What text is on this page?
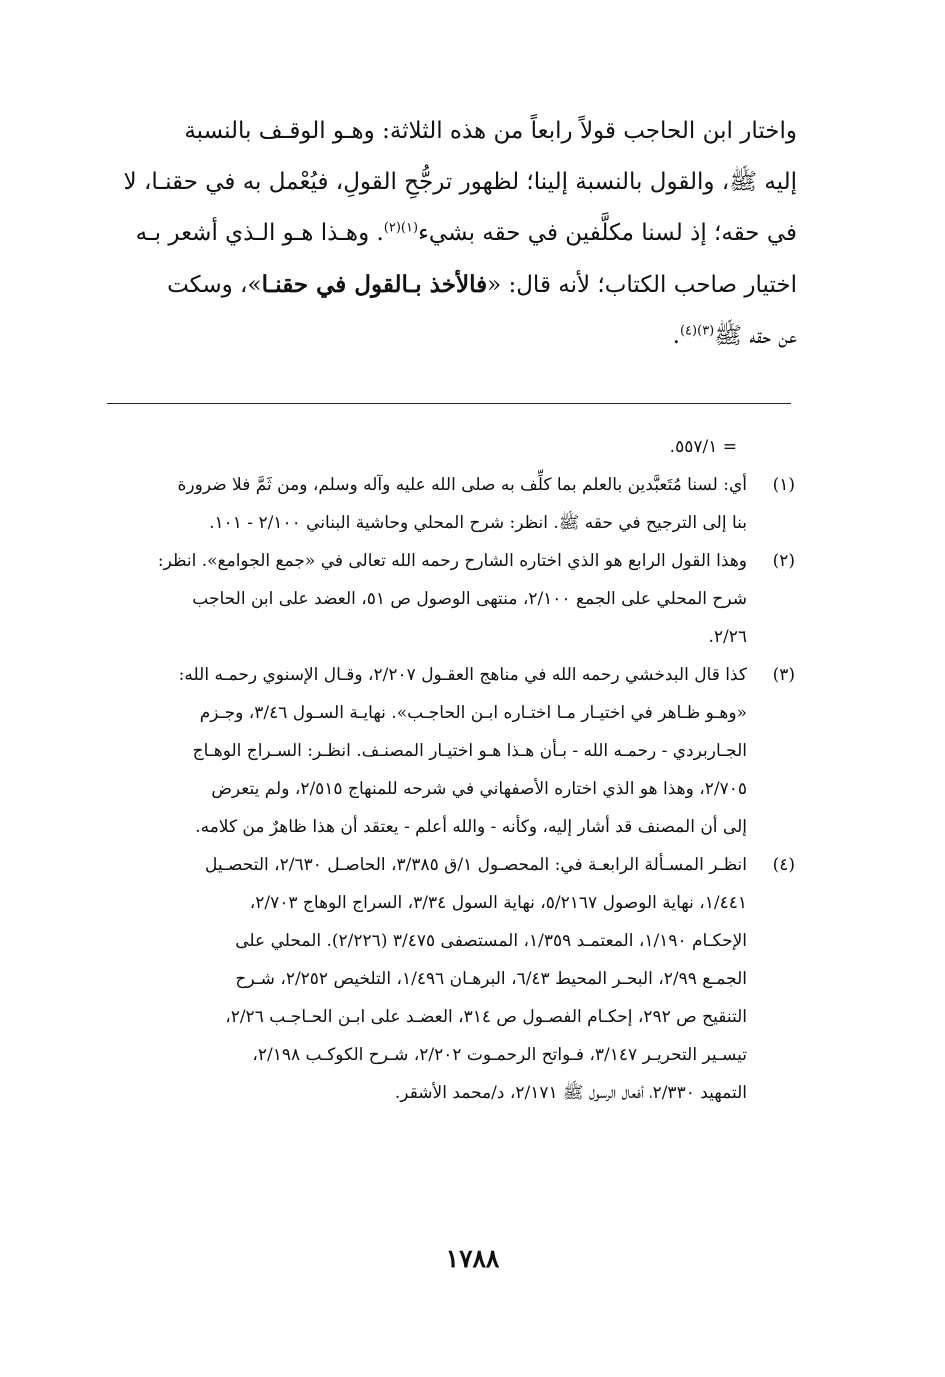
واختار ابن الحاجب قولاً رابعاً من هذه الثلاثة: وهـو الوقـف بالنسبة
إليه ﷺ، والقول بالنسبة إلينا؛ لظهور ترجُّحِ القولِ، فيُعْمل به في حقنـا، لا
في حقه؛ إذ لسنا مكلَّفين في حقه بشيء$^{(١)(٢)}$. وهـذا هـو الـذي أشعر بـه
اختيار صاحب الكتاب؛ لأنه قال: «فالأخذ بـالقول في حقنـا»، وسكت
عن حقه ﷺ$^{(٣)(٤)}$.
= ٥٥٧/١.
(١)
أي: لسنا مُتَعبَّدين بالعلم بما كلِّف به صلى الله عليه وآله وسلم، ومن ثَمَّ فلا ضرورة
بنا إلى الترجيح في حقه ﷺ. انظر: شرح المحلي وحاشية البناني ٢/١٠٠ - ١٠١.
(٢)
وهذا القول الرابع هو الذي اختاره الشارح رحمه الله تعالى في «جمع الجوامع». انظر:
شرح المحلي على الجمع ٢/١٠٠، منتهى الوصول ص ٥١، العضد على ابن الحاجب
٢/٢٦.
(٣)
كذا قال البدخشي رحمه الله في مناهج العقـول ٢/٢٠٧، وقـال الإسنوي رحمـه الله:
«وهـو ظـاهر في اختيـار مـا اختـاره ابـن الحاجـب». نهايـة السـول ٣/٤٦، وجـزم
الجـاربردي - رحمـه الله - بـأن هـذا هـو اختيـار المصنـف. انظـر: السـراج الوهـاج
٢/٧٠٥، وهذا هو الذي اختاره الأصفهاني في شرحه للمنهاج ٢/٥١٥، ولم يتعرض
إلى أن المصنف قد أشار إليه، وكأنه - والله أعلم - يعتقد أن هذا ظاهرٌ من كلامه.
(٤)
انظـر المسـألة الرابعـة في: المحصـول ١/ق ٣/٣٨٥، الحاصـل ٢/٦٣٠، التحصـيل
١/٤٤١، نهاية الوصول ٥/٢١٦٧، نهاية السول ٣/٣٤، السراج الوهاج ٢/٧٠٣،
الإحكـام ١/١٩٠، المعتمـد ١/٣٥٩، المستصفى ٣/٤٧٥ (٢/٢٢٦). المحلي على
الجمـع ٢/٩٩، البحـر المحيط ٦/٤٣، البرهـان ١/٤٩٦، التلخيص ٢/٢٥٢، شـرح
التنقيح ص ٢٩٢، إحكـام الفصـول ص ٣١٤، العضـد على ابـن الحـاجـب ٢/٢٦،
تيسـير التحريـر ٣/١٤٧، فـواتح الرحمـوت ٢/٢٠٢، شـرح الكوكـب ٢/١٩٨،
التمهيد ٢/٣٣٠، أفعال الرسول ﷺ ٢/١٧١، د/محمد الأشقر.
١٧٨٨
